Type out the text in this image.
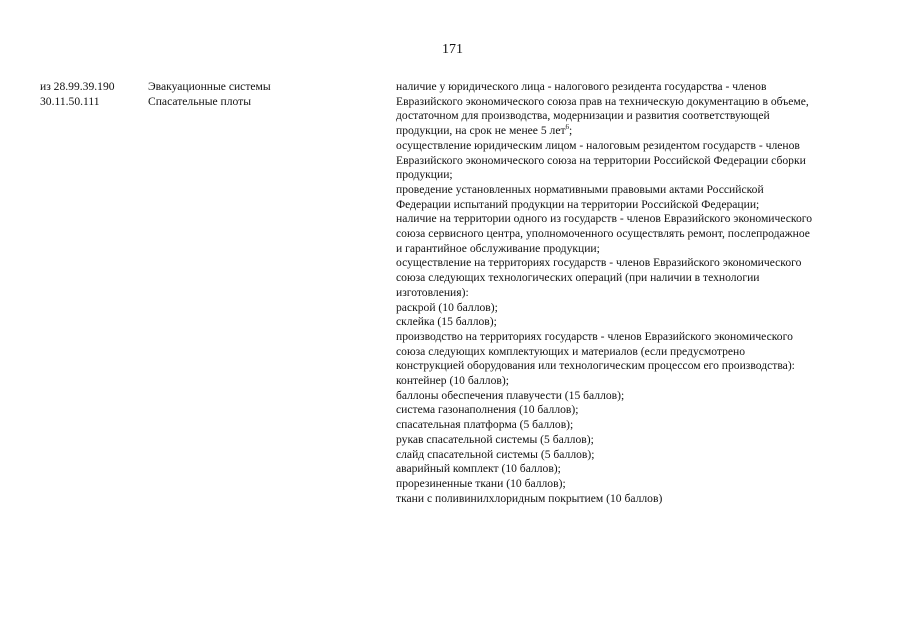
171
из 28.99.39.190
30.11.50.111
Эвакуационные системы
Спасательные плоты
наличие у юридического лица - налогового резидента государства - членов
Евразийского экономического союза прав на техническую документацию в объеме,
достаточном для производства, модернизации и развития соответствующей
продукции, на срок не менее 5 лет$^6$;
осуществление юридическим лицом - налоговым резидентом государств - членов
Евразийского экономического союза на территории Российской Федерации сборки
продукции;
проведение установленных нормативными правовыми актами Российской
Федерации испытаний продукции на территории Российской Федерации;
наличие на территории одного из государств - членов Евразийского экономического
союза сервисного центра, уполномоченного осуществлять ремонт, послепродажное
и гарантийное обслуживание продукции;
осуществление на территориях государств - членов Евразийского экономического
союза следующих технологических операций (при наличии в технологии
изготовления):
раскрой (10 баллов);
склейка (15 баллов);
производство на территориях государств - членов Евразийского экономического
союза следующих комплектующих и материалов (если предусмотрено
конструкцией оборудования или технологическим процессом его производства):
контейнер (10 баллов);
баллоны обеспечения плавучести (15 баллов);
система газонаполнения (10 баллов);
спасательная платформа (5 баллов);
рукав спасательной системы (5 баллов);
слайд спасательной системы (5 баллов);
аварийный комплект (10 баллов);
прорезиненные ткани (10 баллов);
ткани с поливинилхлоридным покрытием (10 баллов)
